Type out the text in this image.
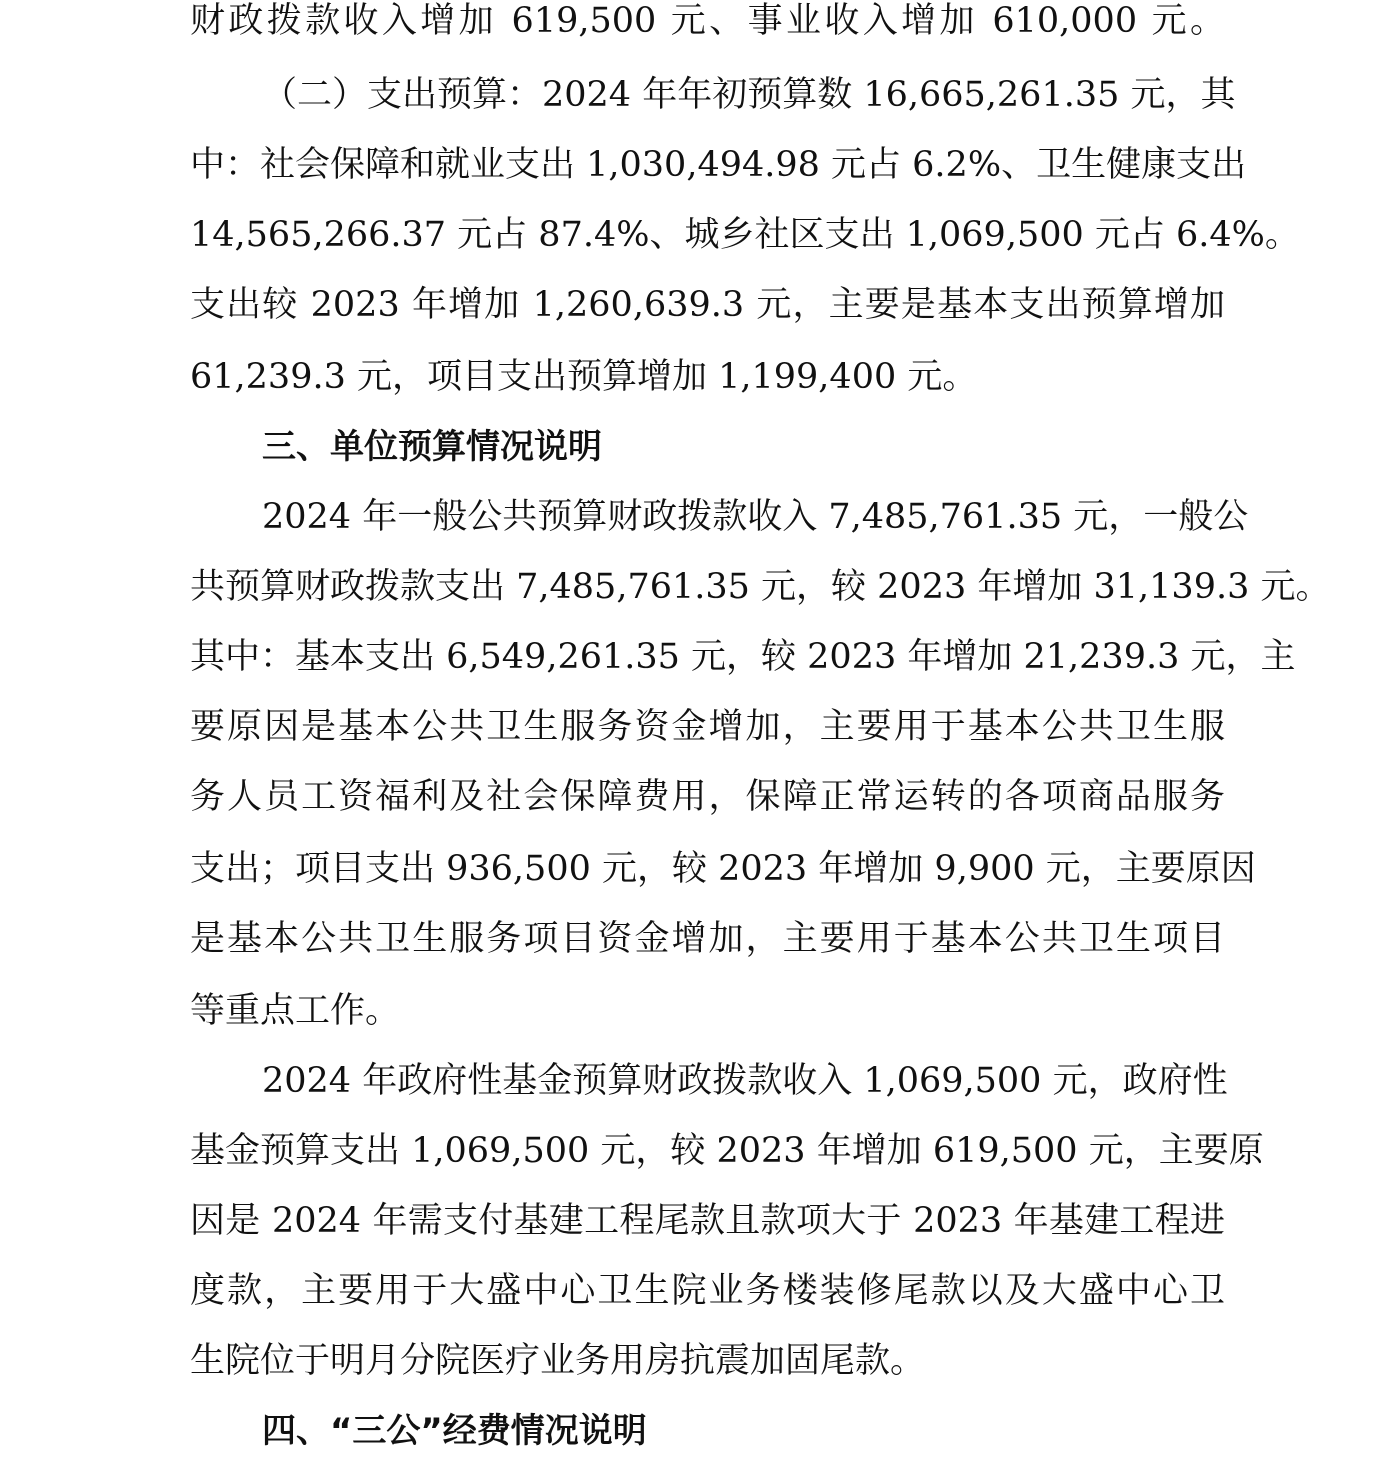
财政拨款收入增加 619,500 元、事业收入增加 610,000 元。
（二）支出预算：2024 年年初预算数 16,665,261.35 元，其
中：社会保障和就业支出 1,030,494.98 元占 6.2%、卫生健康支出
14,565,266.37 元占 87.4%、城乡社区支出 1,069,500 元占 6.4%。
支出较 2023 年增加 1,260,639.3 元，主要是基本支出预算增加
61,239.3 元，项目支出预算增加 1,199,400 元。
三、单位预算情况说明
2024 年一般公共预算财政拨款收入 7,485,761.35 元，一般公
共预算财政拨款支出 7,485,761.35 元，较 2023 年增加 31,139.3 元。
其中：基本支出 6,549,261.35 元，较 2023 年增加 21,239.3 元，主
要原因是基本公共卫生服务资金增加，主要用于基本公共卫生服
务人员工资福利及社会保障费用，保障正常运转的各项商品服务
支出；项目支出 936,500 元，较 2023 年增加 9,900 元，主要原因
是基本公共卫生服务项目资金增加，主要用于基本公共卫生项目
等重点工作。
2024 年政府性基金预算财政拨款收入 1,069,500 元，政府性
基金预算支出 1,069,500 元，较 2023 年增加 619,500 元，主要原
因是 2024 年需支付基建工程尾款且款项大于 2023 年基建工程进
度款，主要用于大盛中心卫生院业务楼装修尾款以及大盛中心卫
生院位于明月分院医疗业务用房抗震加固尾款。
四、“三公”经费情况说明
